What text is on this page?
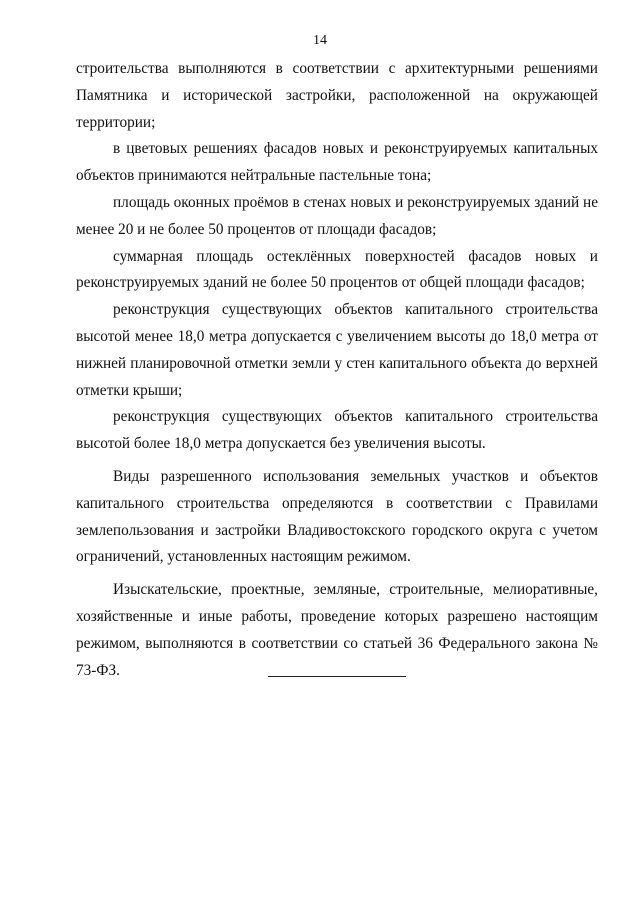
14

строительства выполняются в соответствии с архитектурными решениями Памятника и исторической застройки, расположенной на окружающей территории;

в цветовых решениях фасадов новых и реконструируемых капитальных объектов принимаются нейтральные пастельные тона;

площадь оконных проёмов в стенах новых и реконструируемых зданий не менее 20 и не более 50 процентов от площади фасадов;

суммарная площадь остеклённых поверхностей фасадов новых и реконструируемых зданий не более 50 процентов от общей площади фасадов;

реконструкция существующих объектов капитального строительства высотой менее 18,0 метра допускается с увеличением высоты до 18,0 метра от нижней планировочной отметки земли у стен капитального объекта до верхней отметки крыши;

реконструкция существующих объектов капитального строительства высотой более 18,0 метра допускается без увеличения высоты.

Виды разрешенного использования земельных участков и объектов капитального строительства определяются в соответствии с Правилами землепользования и застройки Владивостокского городского округа с учетом ограничений, установленных настоящим режимом.

Изыскательские, проектные, земляные, строительные, мелиоративные, хозяйственные и иные работы, проведение которых разрешено настоящим режимом, выполняются в соответствии со статьей 36 Федерального закона № 73-ФЗ.
